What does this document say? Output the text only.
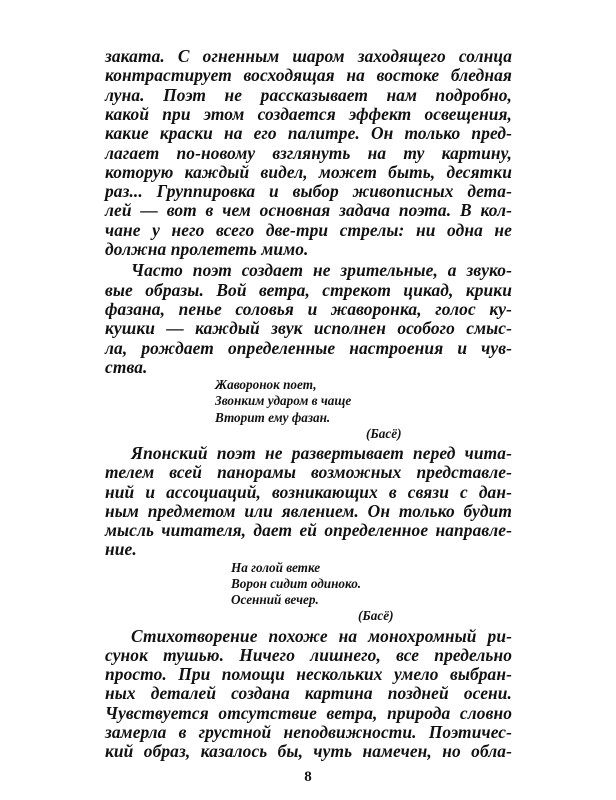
заката. С огненным шаром заходящего солнца
контрастирует восходящая на востоке бледная
луна. Поэт не рассказывает нам подробно,
какой при этом создается эффект освещения,
какие краски на его палитре. Он только пред-
лагает по-новому взглянуть на ту картину,
которую каждый видел, может быть, десятки
раз... Группировка и выбор живописных дета-
лей — вот в чем основная задача поэта. В кол-
чане у него всего две-три стрелы: ни одна не
должна пролететь мимо.
Часто поэт создает не зрительные, а звуко-
вые образы. Вой ветра, стрекот цикад, крики
фазана, пенье соловья и жаворонка, голос ку-
кушки — каждый звук исполнен особого смыс-
ла, рождает определенные настроения и чув-
ства.
Жаворонок поет,
Звонким ударом в чаще
Вторит ему фазан.
(Басё)
Японский поэт не развертывает перед чита-
телем всей панорамы возможных представле-
ний и ассоциаций, возникающих в связи с дан-
ным предметом или явлением. Он только будит
мысль читателя, дает ей определенное направле-
ние.
На голой ветке
Ворон сидит одиноко.
Осенний вечер.
(Басё)
Стихотворение похоже на монохромный ри-
сунок тушью. Ничего лишнего, все предельно
просто. При помощи нескольких умело выбран-
ных деталей создана картина поздней осени.
Чувствуется отсутствие ветра, природа словно
замерла в грустной неподвижности. Поэтичес-
кий образ, казалось бы, чуть намечен, но обла-
8
